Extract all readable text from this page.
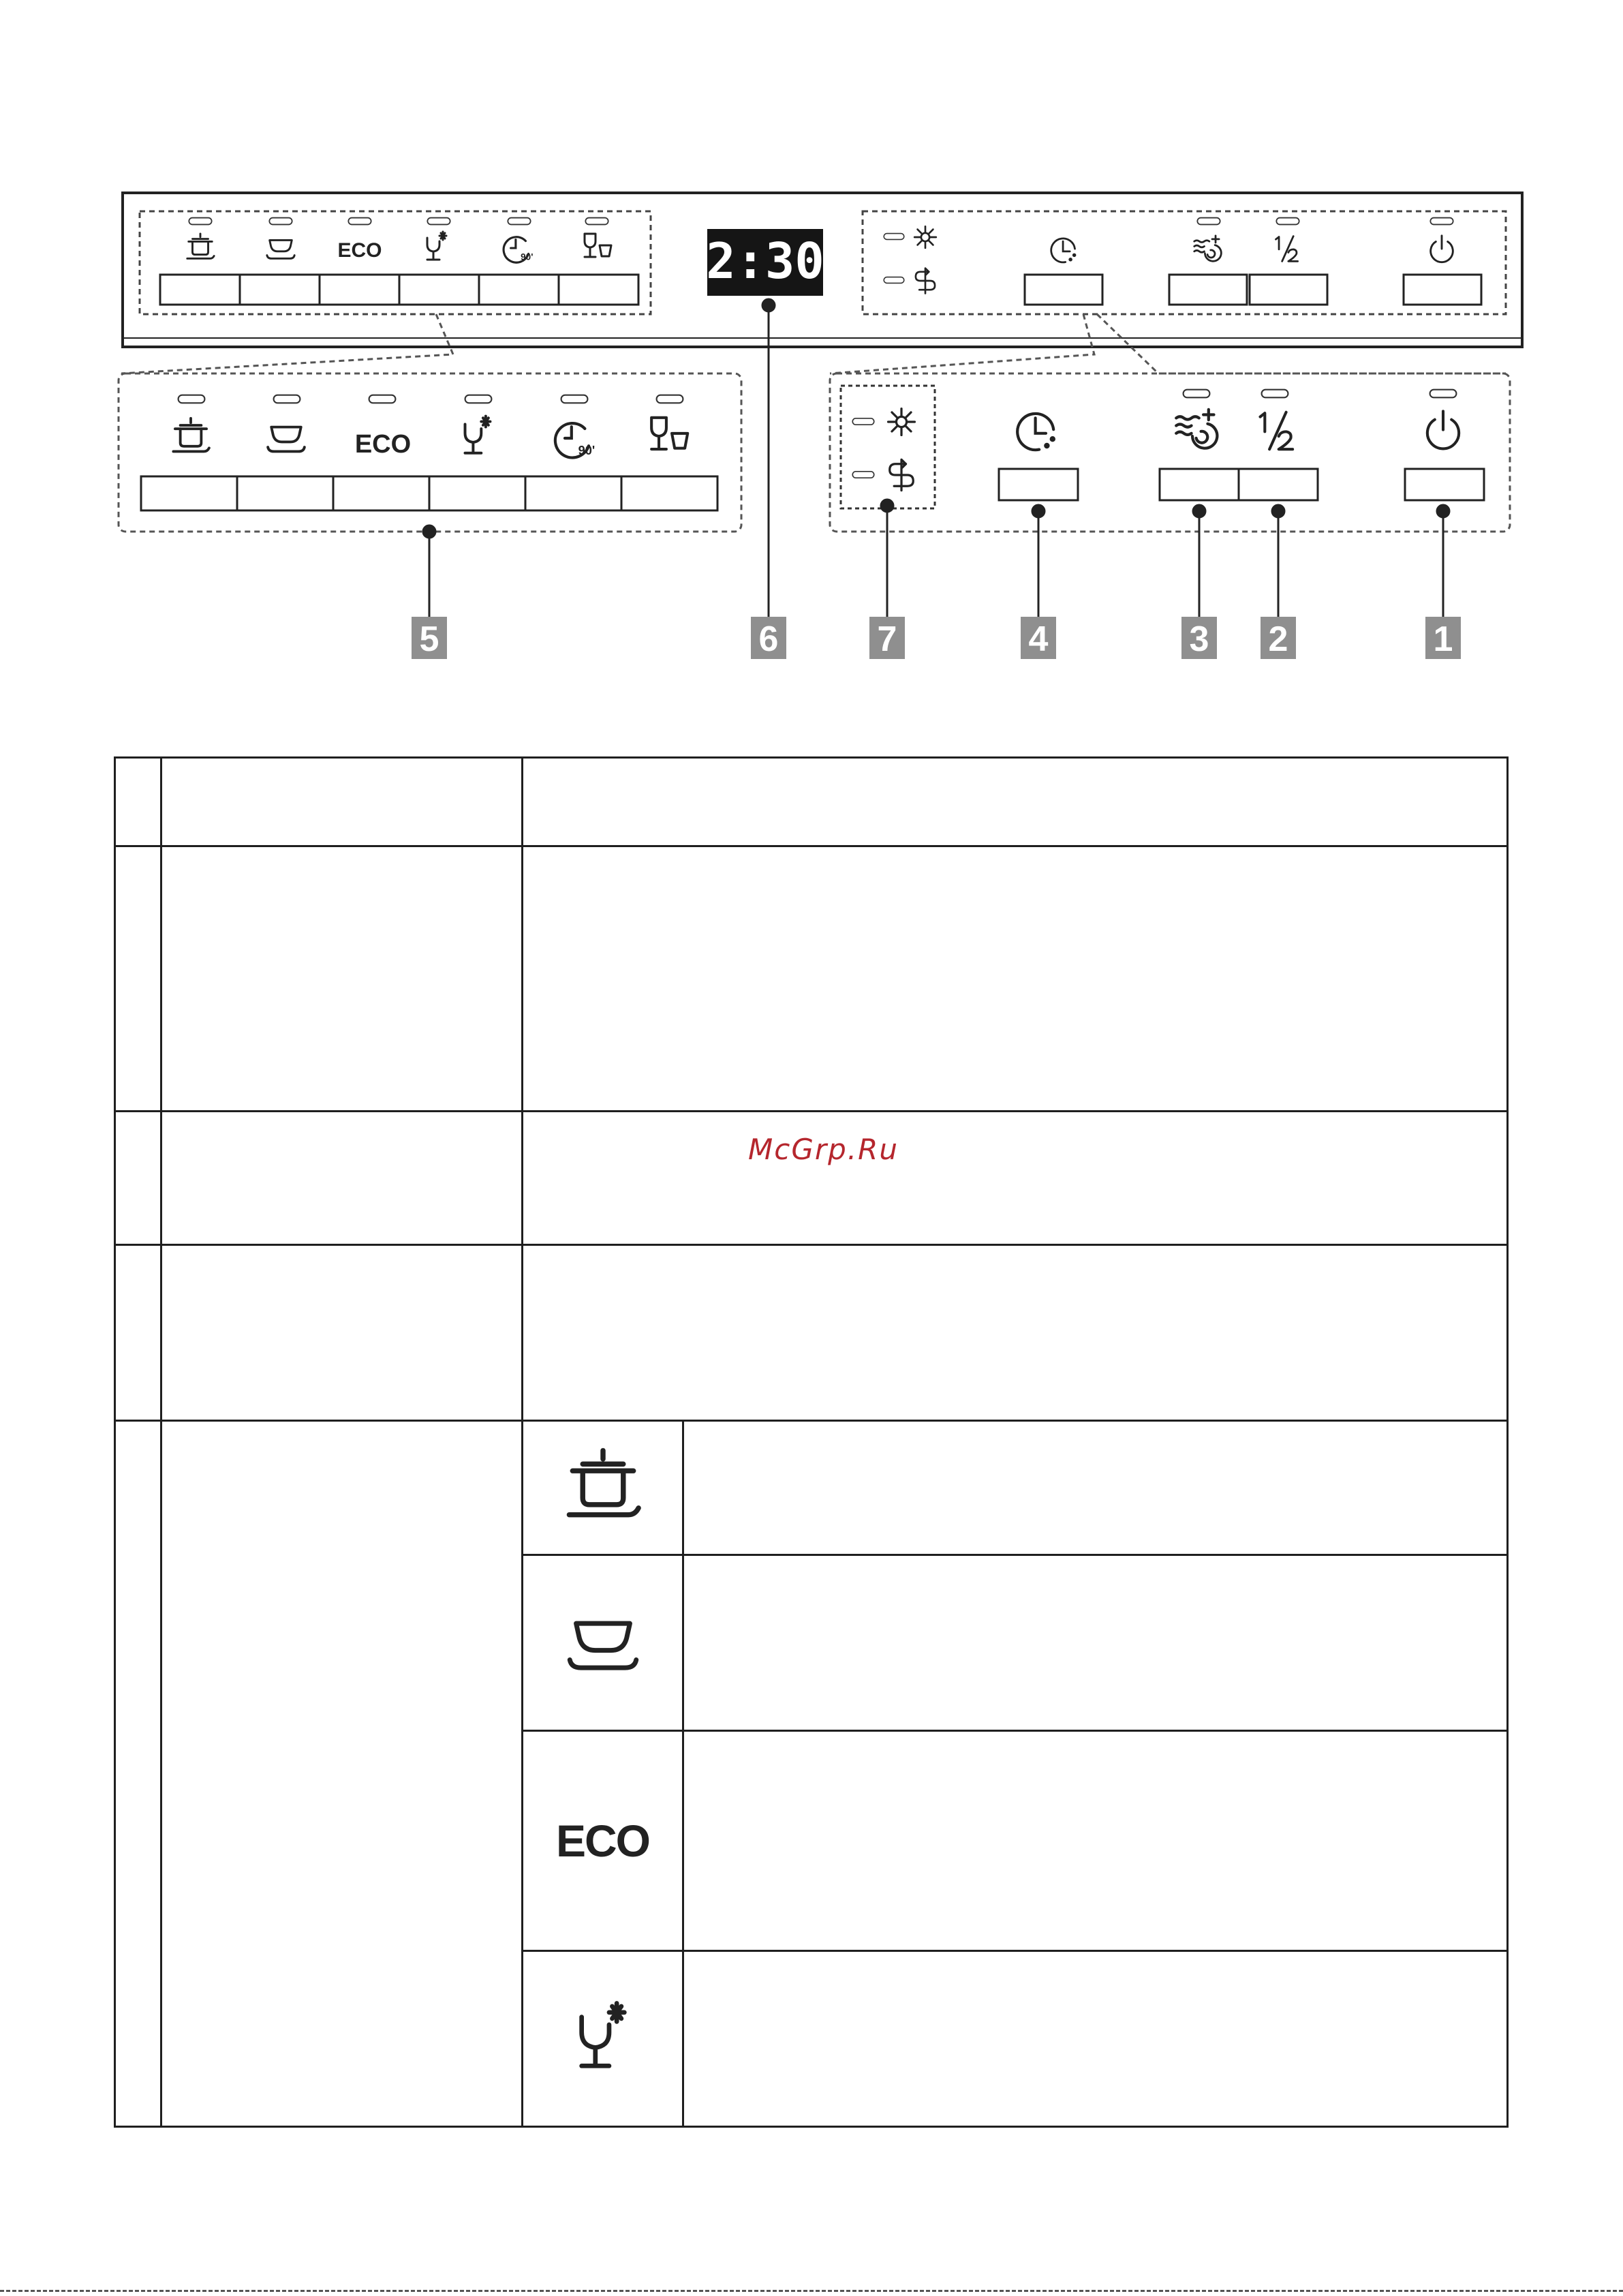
ECO	2:30
ECO
5	6	7	4	3 2	1

		McGrp.Ru	

		ECO	
